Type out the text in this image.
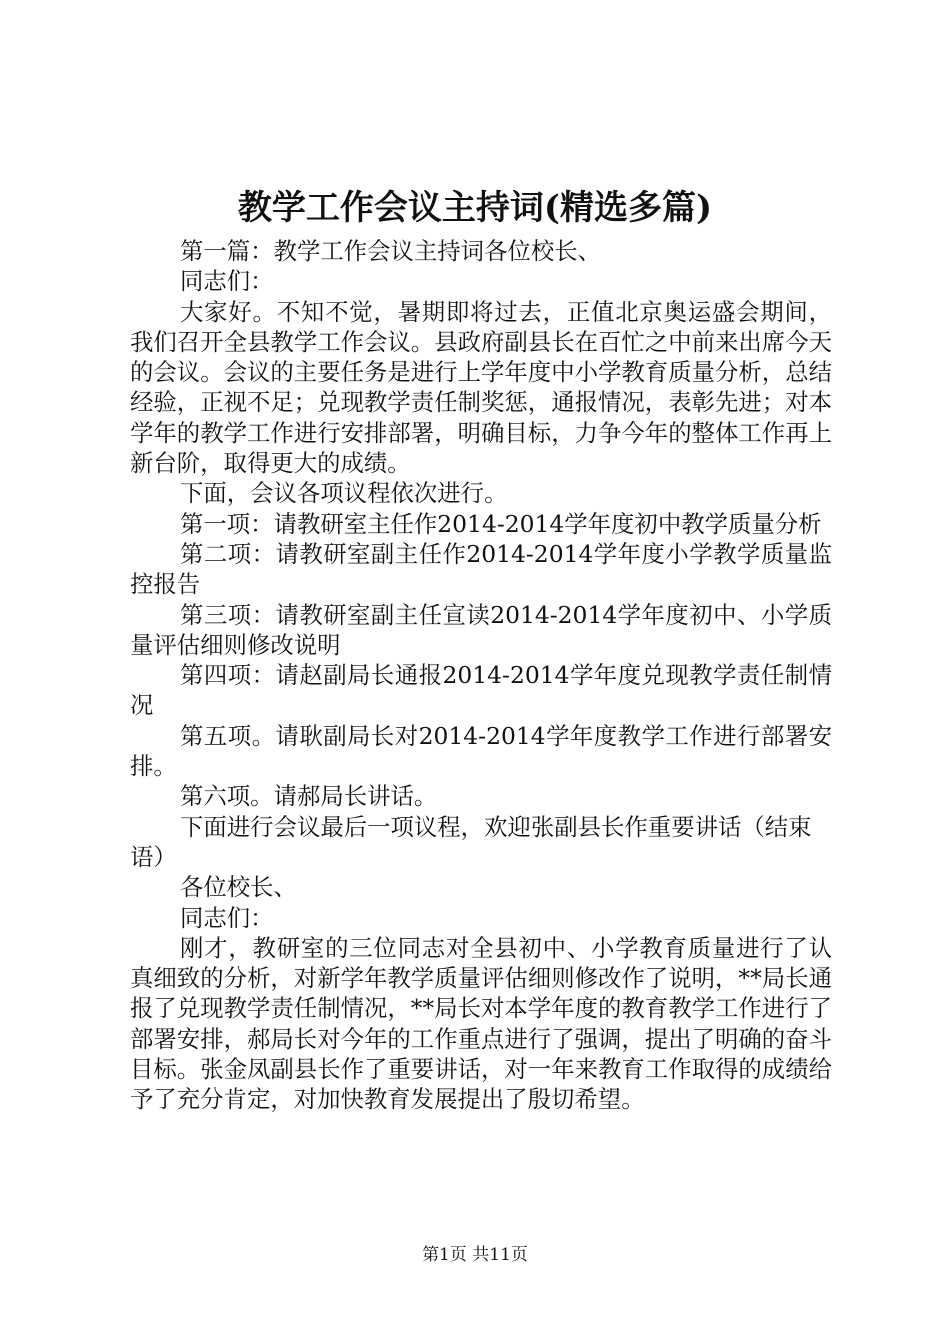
教学工作会议主持词(精选多篇)

第一篇：教学工作会议主持词各位校长、

同志们：

大家好。不知不觉，暑期即将过去，正值北京奥运盛会期间，我们召开全县教学工作会议。县政府副县长在百忙之中前来出席今天的会议。会议的主要任务是进行上学年度中小学教育质量分析，总结经验，正视不足；兑现教学责任制奖惩，通报情况，表彰先进；对本学年的教学工作进行安排部署，明确目标，力争今年的整体工作再上新台阶，取得更大的成绩。

下面，会议各项议程依次进行。

第一项：请教研室主任作2014-2014学年度初中教学质量分析

第二项：请教研室副主任作2014-2014学年度小学教学质量监控报告

第三项：请教研室副主任宣读2014-2014学年度初中、小学质量评估细则修改说明

第四项：请赵副局长通报2014-2014学年度兑现教学责任制情况

第五项。请耿副局长对2014-2014学年度教学工作进行部署安排。

第六项。请郝局长讲话。

下面进行会议最后一项议程，欢迎张副县长作重要讲话（结束语）

各位校长、

同志们：

刚才，教研室的三位同志对全县初中、小学教育质量进行了认真细致的分析，对新学年教学质量评估细则修改作了说明，**局长通报了兑现教学责任制情况，**局长对本学年度的教育教学工作进行了部署安排，郝局长对今年的工作重点进行了强调，提出了明确的奋斗目标。张金凤副县长作了重要讲话，对一年来教育工作取得的成绩给予了充分肯定，对加快教育发展提出了殷切希望。

第1页 共11页
